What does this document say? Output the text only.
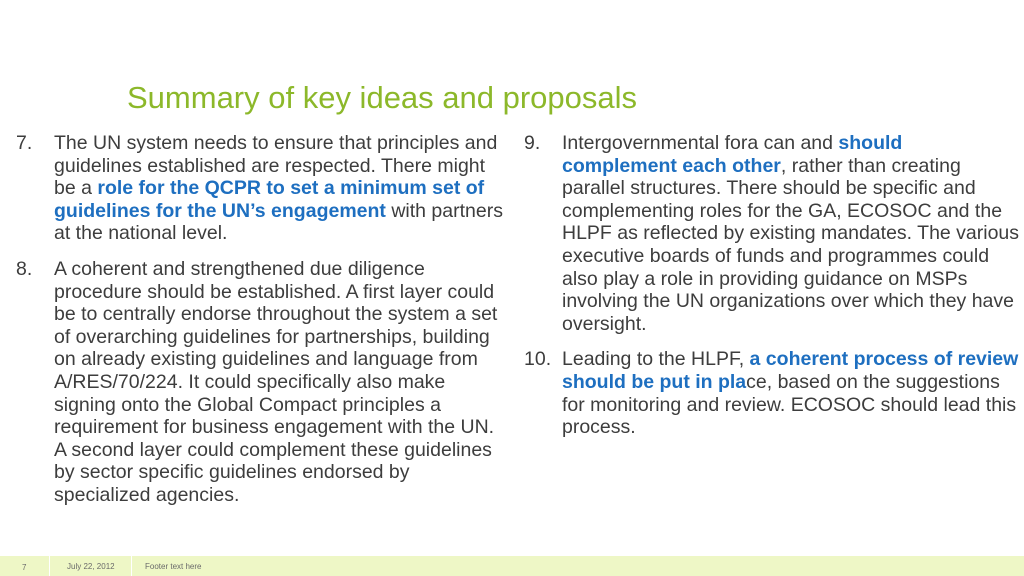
Summary of key ideas and proposals
7.	The UN system needs to ensure that principles and guidelines established are respected. There might be a role for the QCPR to set a minimum set of guidelines for the UN’s engagement with partners at the national level.
8.	A coherent and strengthened due diligence procedure should be established. A first layer could be to centrally endorse throughout the system a set of overarching guidelines for partnerships, building on already existing guidelines and language from A/RES/70/224. It could specifically also make signing onto the Global Compact principles a requirement for business engagement with the UN. A second layer could complement these guidelines by sector specific guidelines endorsed by specialized agencies.
9.	Intergovernmental fora can and should complement each other, rather than creating parallel structures. There should be specific and complementing roles for the GA, ECOSOC and the HLPF as reflected by existing mandates. The various executive boards of funds and programmes could also play a role in providing guidance on MSPs involving the UN organizations over which they have oversight.
10. Leading to the HLPF, a coherent process of review should be put in place, based on the suggestions for monitoring and review. ECOSOC should lead this process.
7	July 22, 2012	Footer text here
